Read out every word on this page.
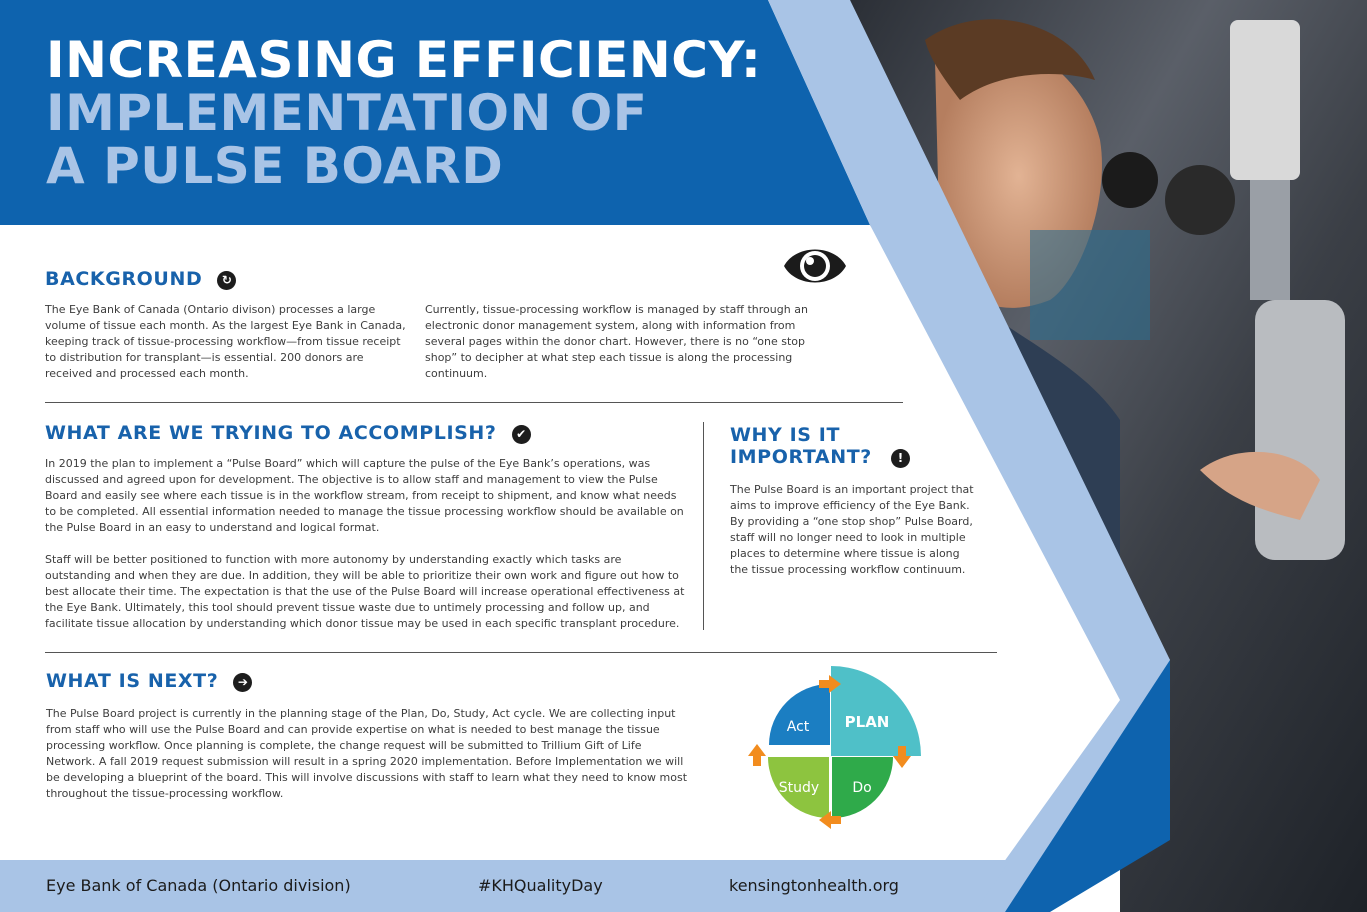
INCREASING EFFICIENCY:
IMPLEMENTATION OF
A PULSE BOARD
BACKGROUND ↻

The Eye Bank of Canada (Ontario divison) processes a large volume of tissue each month. As the largest Eye Bank in Canada, keeping track of tissue-processing workflow—from tissue receipt to distribution for transplant—is essential. 200 donors are received and processed each month.

Currently, tissue-processing workflow is managed by staff through an electronic donor management system, along with information from several pages within the donor chart. However, there is no “one stop shop” to decipher at what step each tissue is along the processing continuum.

WHAT ARE WE TRYING TO ACCOMPLISH? ✔

In 2019 the plan to implement a “Pulse Board” which will capture the pulse of the Eye Bank’s operations, was discussed and agreed upon for development. The objective is to allow staff and management to view the Pulse Board and easily see where each tissue is in the workflow stream, from receipt to shipment, and know what needs to be completed. All essential information needed to manage the tissue processing workflow should be available on the Pulse Board in an easy to understand and logical format.

Staff will be better positioned to function with more autonomy by understanding exactly which tasks are outstanding and when they are due. In addition, they will be able to prioritize their own work and figure out how to best allocate their time. The expectation is that the use of the Pulse Board will increase operational effectiveness at the Eye Bank. Ultimately, this tool should prevent tissue waste due to untimely processing and follow up, and facilitate tissue allocation by understanding which donor tissue may be used in each specific transplant procedure.

WHY IS IT
IMPORTANT? !

The Pulse Board is an important project that aims to improve efficiency of the Eye Bank. By providing a “one stop shop” Pulse Board, staff will no longer need to look in multiple places to determine where tissue is along the tissue processing workflow continuum.

WHAT IS NEXT? ➔

The Pulse Board project is currently in the planning stage of the Plan, Do, Study, Act cycle. We are collecting input from staff who will use the Pulse Board and can provide expertise on what is needed to best manage the tissue processing workflow. Once planning is complete, the change request will be submitted to Trillium Gift of Life Network. A fall 2019 request submission will result in a spring 2020 implementation. Before Implementation we will be developing a blueprint of the board. This will involve discussions with staff to learn what they need to know most throughout the tissue-processing workflow.

Act PLAN
Do
Study
Eye Bank of Canada (Ontario division)	#KHQualityDay	kensingtonhealth.org
